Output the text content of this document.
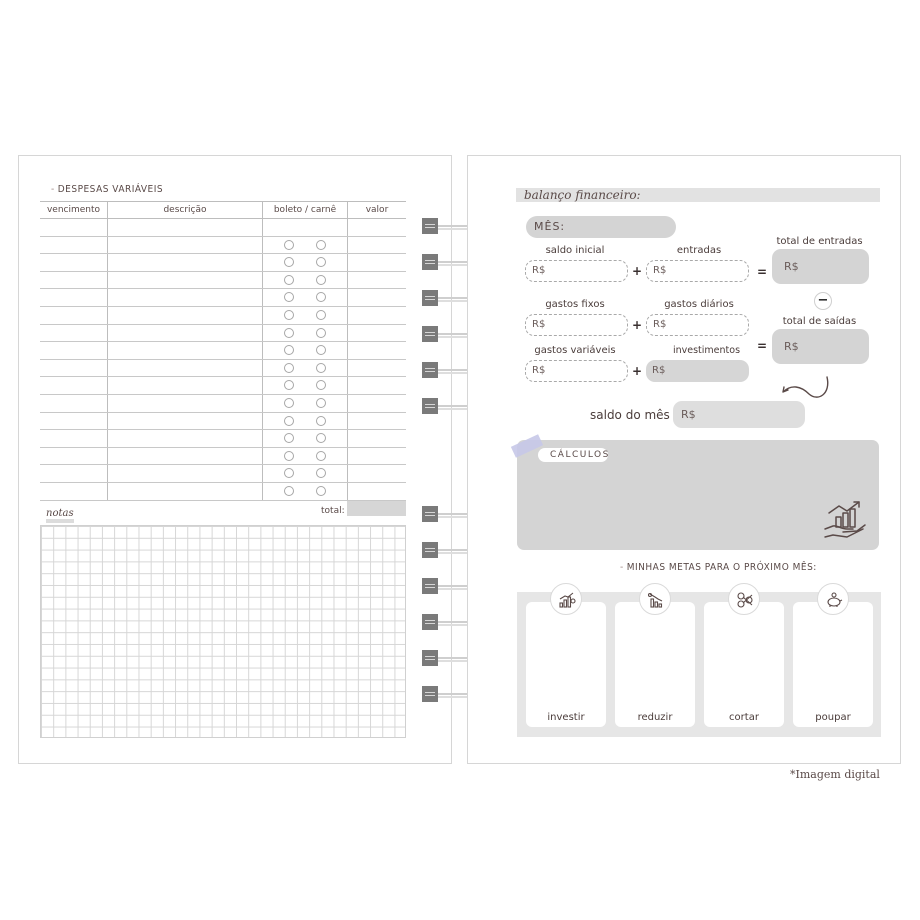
- DESPESAS VARIÁVEIS
vencimento	descrição	boleto / carnê	valor

total:
notas
balanço financeiro:
MÊS:
saldo inicial	entradas
total de entradas
R$	+	R$	=	R$
−
gastos fixos	gastos diários
total de saídas
R$	+	R$
=	R$
gastos variáveis	investimentos
R$	+ R$
saldo do mês	R$
CÁLCULOS
- MINHAS METAS PARA O PRÓXIMO MÊS:
investir	reduzir	cortar	poupar
*Imagem digital
